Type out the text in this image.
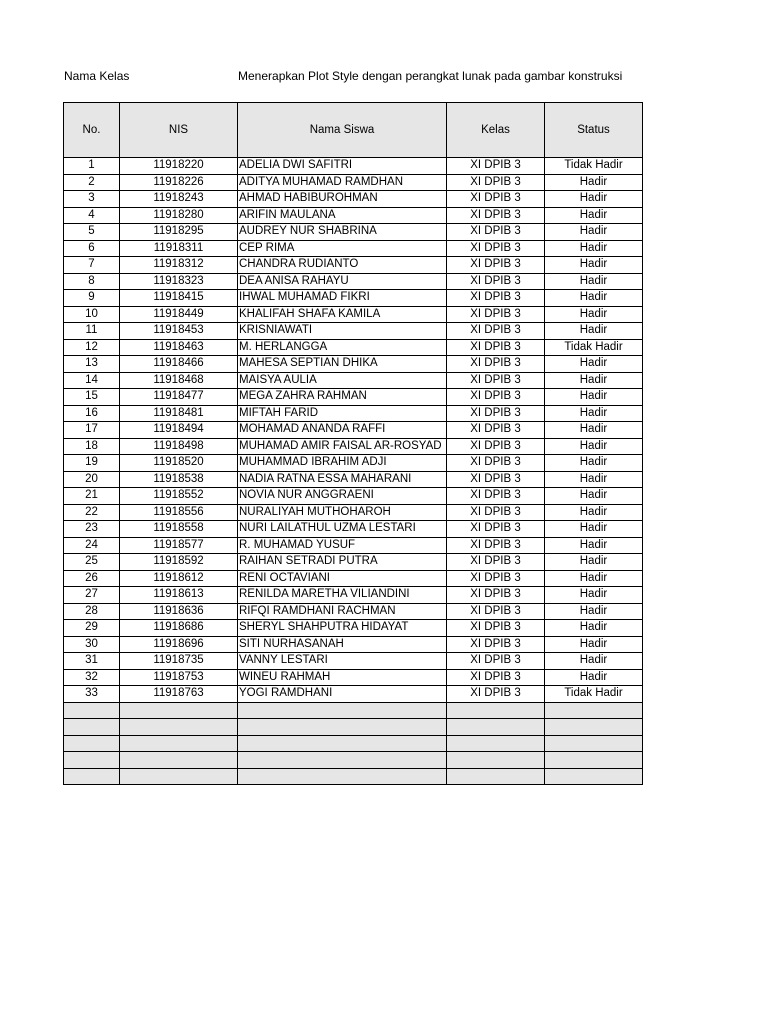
Nama Kelas	Menerapkan Plot Style dengan perangkat lunak pada gambar konstruksi
No.	NIS	Nama Siswa	Kelas	Status
1	11918220	ADELIA DWI SAFITRI	XI DPIB 3	Tidak Hadir
2	11918226	ADITYA MUHAMAD RAMDHAN	XI DPIB 3	Hadir
3	11918243	AHMAD HABIBUROHMAN	XI DPIB 3	Hadir
4	11918280	ARIFIN MAULANA	XI DPIB 3	Hadir
5	11918295	AUDREY NUR SHABRINA	XI DPIB 3	Hadir
6	11918311	CEP RIMA	XI DPIB 3	Hadir
7	11918312	CHANDRA RUDIANTO	XI DPIB 3	Hadir
8	11918323	DEA ANISA RAHAYU	XI DPIB 3	Hadir
9	11918415	IHWAL MUHAMAD FIKRI	XI DPIB 3	Hadir
10	11918449	KHALIFAH SHAFA KAMILA	XI DPIB 3	Hadir
11	11918453	KRISNIAWATI	XI DPIB 3	Hadir
12	11918463	M. HERLANGGA	XI DPIB 3	Tidak Hadir
13	11918466	MAHESA SEPTIAN DHIKA	XI DPIB 3	Hadir
14	11918468	MAISYA AULIA	XI DPIB 3	Hadir
15	11918477	MEGA ZAHRA RAHMAN	XI DPIB 3	Hadir
16	11918481	MIFTAH FARID	XI DPIB 3	Hadir
17	11918494	MOHAMAD ANANDA RAFFI	XI DPIB 3	Hadir
18	11918498	MUHAMAD AMIR FAISAL AR-ROSYAD	XI DPIB 3	Hadir
19	11918520	MUHAMMAD IBRAHIM ADJI	XI DPIB 3	Hadir
20	11918538	NADIA RATNA ESSA MAHARANI	XI DPIB 3	Hadir
21	11918552	NOVIA NUR ANGGRAENI	XI DPIB 3	Hadir
22	11918556	NURALIYAH MUTHOHAROH	XI DPIB 3	Hadir
23	11918558	NURI LAILATHUL UZMA LESTARI	XI DPIB 3	Hadir
24	11918577	R. MUHAMAD YUSUF	XI DPIB 3	Hadir
25	11918592	RAIHAN SETRADI PUTRA	XI DPIB 3	Hadir
26	11918612	RENI OCTAVIANI	XI DPIB 3	Hadir
27	11918613	RENILDA MARETHA VILIANDINI	XI DPIB 3	Hadir
28	11918636	RIFQI RAMDHANI RACHMAN	XI DPIB 3	Hadir
29	11918686	SHERYL SHAHPUTRA HIDAYAT	XI DPIB 3	Hadir
30	11918696	SITI NURHASANAH	XI DPIB 3	Hadir
31	11918735	VANNY LESTARI	XI DPIB 3	Hadir
32	11918753	WINEU RAHMAH	XI DPIB 3	Hadir
33	11918763	YOGI RAMDHANI	XI DPIB 3	Tidak Hadir
